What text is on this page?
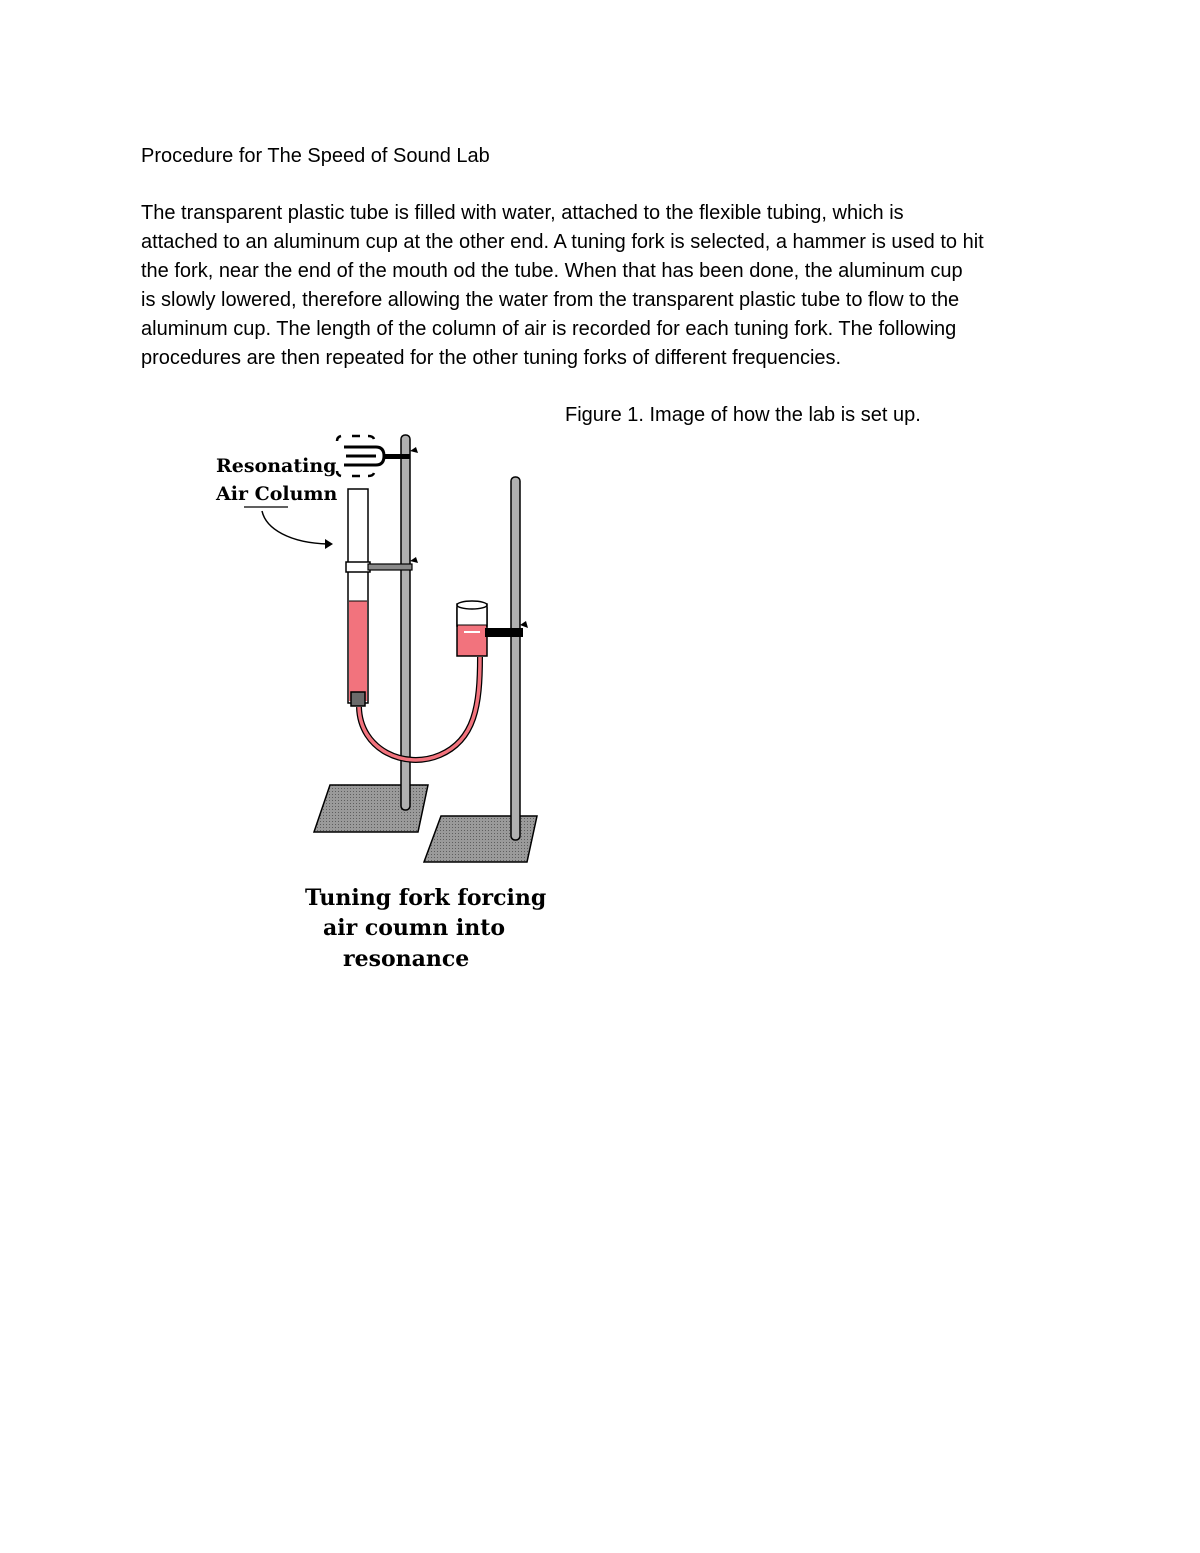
Procedure for The Speed of Sound Lab
The transparent plastic tube is filled with water, attached to the flexible tubing, which is
attached to an aluminum cup at the other end. A tuning fork is selected, a hammer is used to hit
the fork, near the end of the mouth od the tube. When that has been done, the aluminum cup
is slowly lowered, therefore allowing the water from the transparent plastic tube to flow to the
aluminum cup. The length of the column of air is recorded for each tuning fork. The following
procedures are then repeated for the other tuning forks of different frequencies.
Figure 1. Image of how the lab is set up.
Resonating
Air Column
Tuning fork forcing
air coumn into
resonance
